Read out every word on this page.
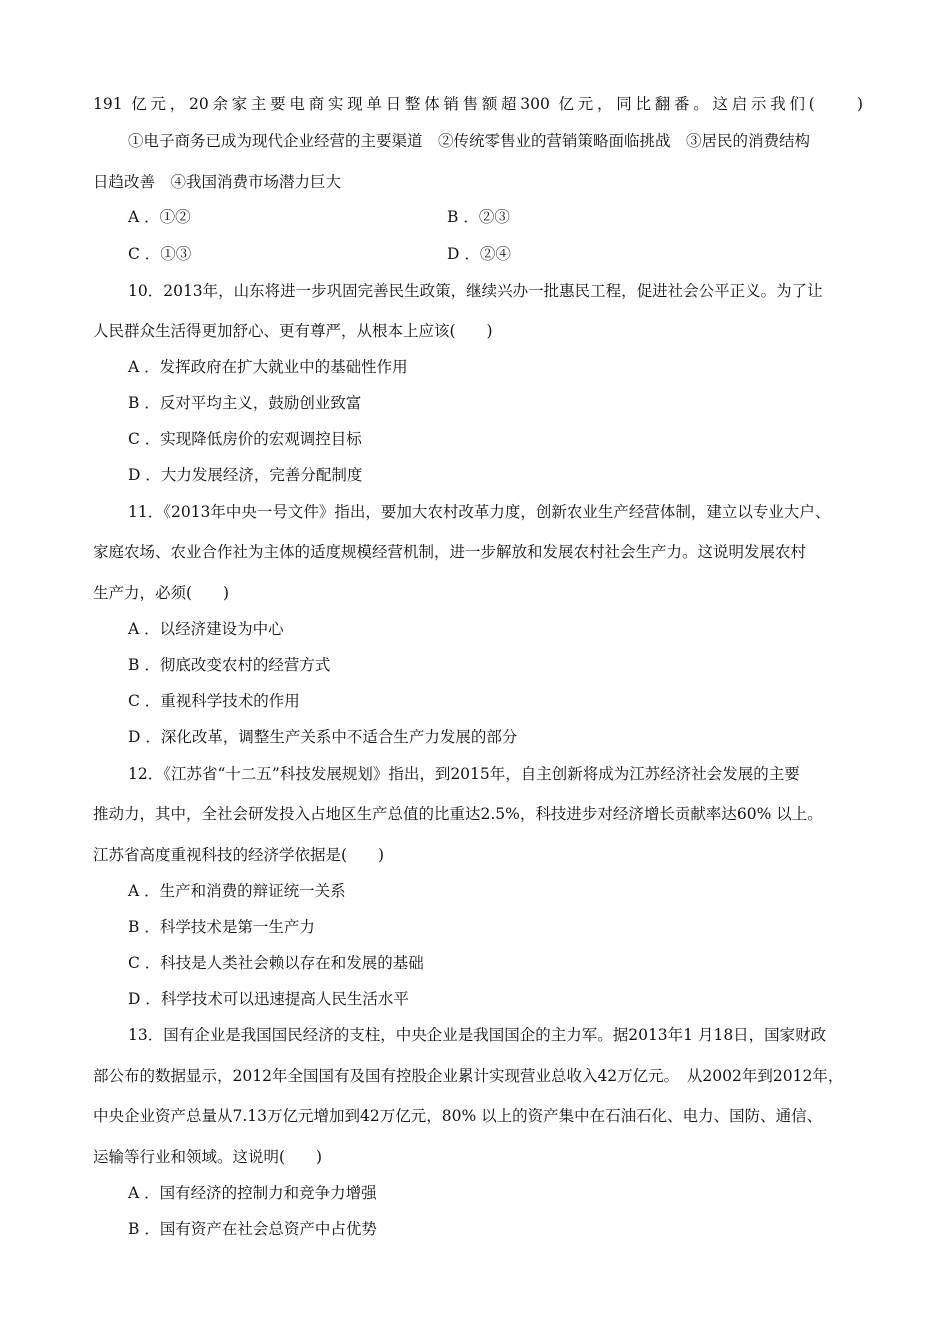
191 亿元，20余家主要电商实现单日整体销售额超300 亿元，同比翻番。这启示我们(　　)
①电子商务已成为现代企业经营的主要渠道　②传统零售业的营销策略面临挑战　③居民的消费结构
日趋改善　④我国消费市场潜力巨大
A ．①②	B ．②③
C ．①③	D ．②④
10．2013年，山东将进一步巩固完善民生政策，继续兴办一批惠民工程，促进社会公平正义。为了让
人民群众生活得更加舒心、更有尊严，从根本上应该(　　)
A ．发挥政府在扩大就业中的基础性作用
B ．反对平均主义，鼓励创业致富
C ．实现降低房价的宏观调控目标
D ．大力发展经济，完善分配制度
11．《2013年中央一号文件》指出，要加大农村改革力度，创新农业生产经营体制，建立以专业大户、
家庭农场、农业合作社为主体的适度规模经营机制，进一步解放和发展农村社会生产力。这说明发展农村
生产力，必须(　　)
A ．以经济建设为中心
B ．彻底改变农村的经营方式
C ．重视科学技术的作用
D ．深化改革，调整生产关系中不适合生产力发展的部分
12．《江苏省“十二五”科技发展规划》指出，到2015年，自主创新将成为江苏经济社会发展的主要
推动力，其中，全社会研发投入占地区生产总值的比重达2.5%，科技进步对经济增长贡献率达60% 以上。
江苏省高度重视科技的经济学依据是(　　)
A ．生产和消费的辩证统一关系
B ．科学技术是第一生产力
C ．科技是人类社会赖以存在和发展的基础
D ．科学技术可以迅速提高人民生活水平
13．国有企业是我国国民经济的支柱，中央企业是我国国企的主力军。据2013年1 月18日，国家财政
部公布的数据显示，2012年全国国有及国有控股企业累计实现营业总收入42万亿元。　从2002年到2012年，
中央企业资产总量从7.13万亿元增加到42万亿元，80% 以上的资产集中在石油石化、电力、国防、通信、
运输等行业和领域。这说明(　　)
A ．国有经济的控制力和竞争力增强
B ．国有资产在社会总资产中占优势
